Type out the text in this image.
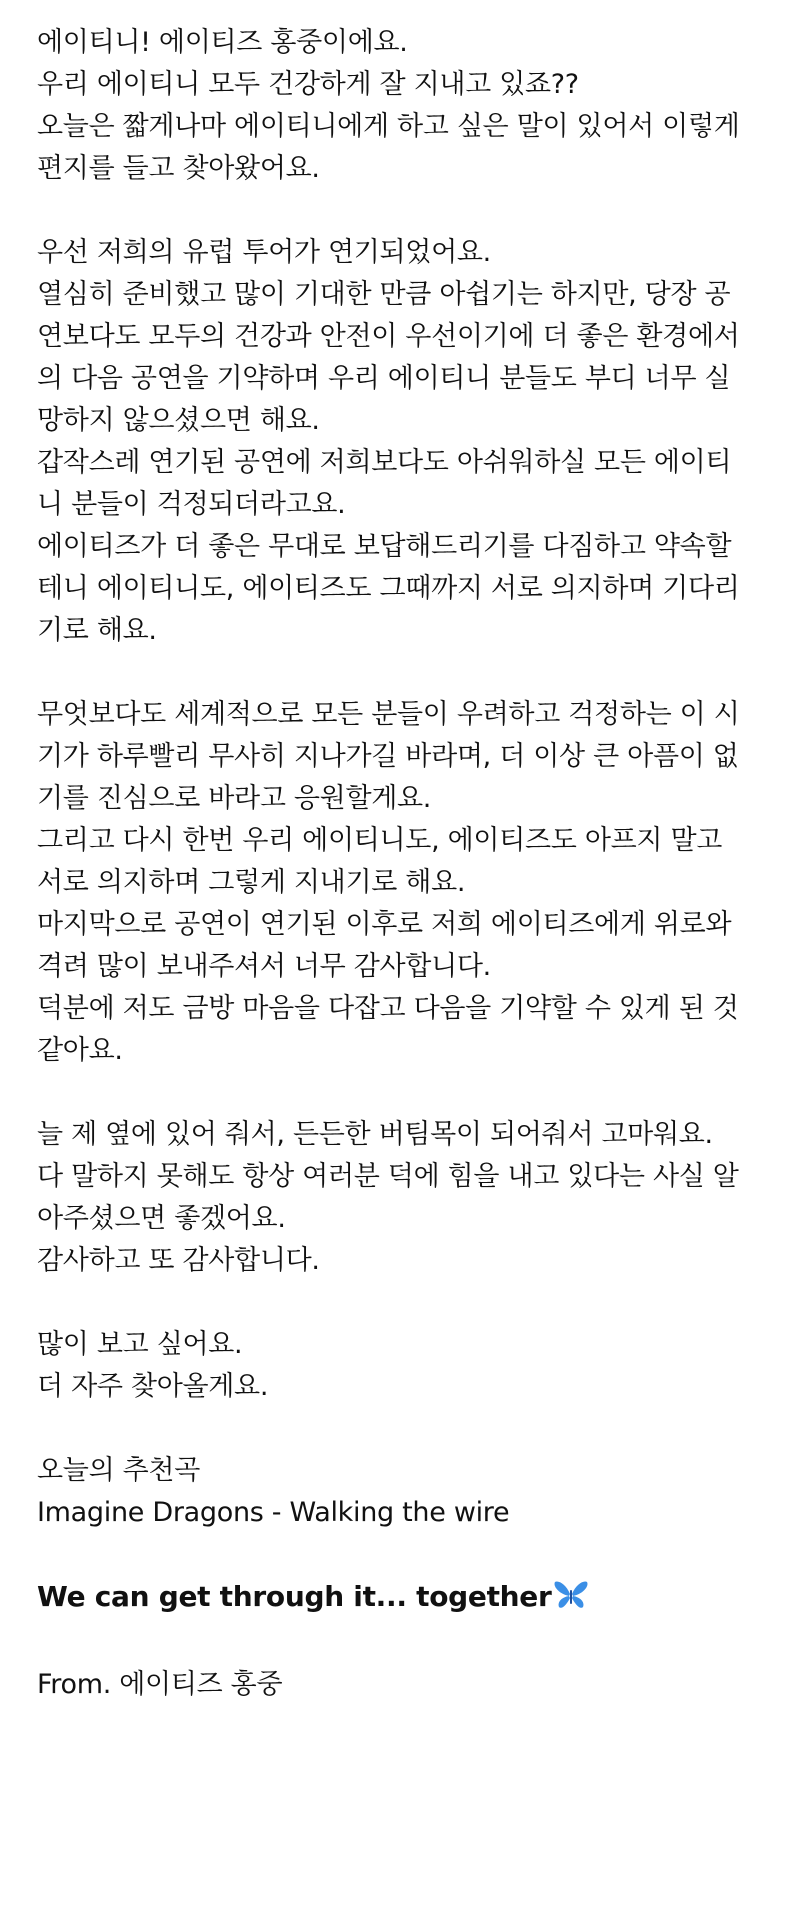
에이티니! 에이티즈 홍중이에요.
우리 에이티니 모두 건강하게 잘 지내고 있죠??
오늘은 짧게나마 에이티니에게 하고 싶은 말이 있어서 이렇게
편지를 들고 찾아왔어요.
우선 저희의 유럽 투어가 연기되었어요.
열심히 준비했고 많이 기대한 만큼 아쉽기는 하지만, 당장 공
연보다도 모두의 건강과 안전이 우선이기에 더 좋은 환경에서
의 다음 공연을 기약하며 우리 에이티니 분들도 부디 너무 실
망하지 않으셨으면 해요.
갑작스레 연기된 공연에 저희보다도 아쉬워하실 모든 에이티
니 분들이 걱정되더라고요.
에이티즈가 더 좋은 무대로 보답해드리기를 다짐하고 약속할
테니 에이티니도, 에이티즈도 그때까지 서로 의지하며 기다리
기로 해요.
무엇보다도 세계적으로 모든 분들이 우려하고 걱정하는 이 시
기가 하루빨리 무사히 지나가길 바라며, 더 이상 큰 아픔이 없
기를 진심으로 바라고 응원할게요.
그리고 다시 한번 우리 에이티니도, 에이티즈도 아프지 말고
서로 의지하며 그렇게 지내기로 해요.
마지막으로 공연이 연기된 이후로 저희 에이티즈에게 위로와
격려 많이 보내주셔서 너무 감사합니다.
덕분에 저도 금방 마음을 다잡고 다음을 기약할 수 있게 된 것
같아요.
늘 제 옆에 있어 줘서, 든든한 버팀목이 되어줘서 고마워요.
다 말하지 못해도 항상 여러분 덕에 힘을 내고 있다는 사실 알
아주셨으면 좋겠어요.
감사하고 또 감사합니다.
많이 보고 싶어요.
더 자주 찾아올게요.
오늘의 추천곡
Imagine Dragons - Walking the wire
We can get through it... together
From. 에이티즈 홍중
